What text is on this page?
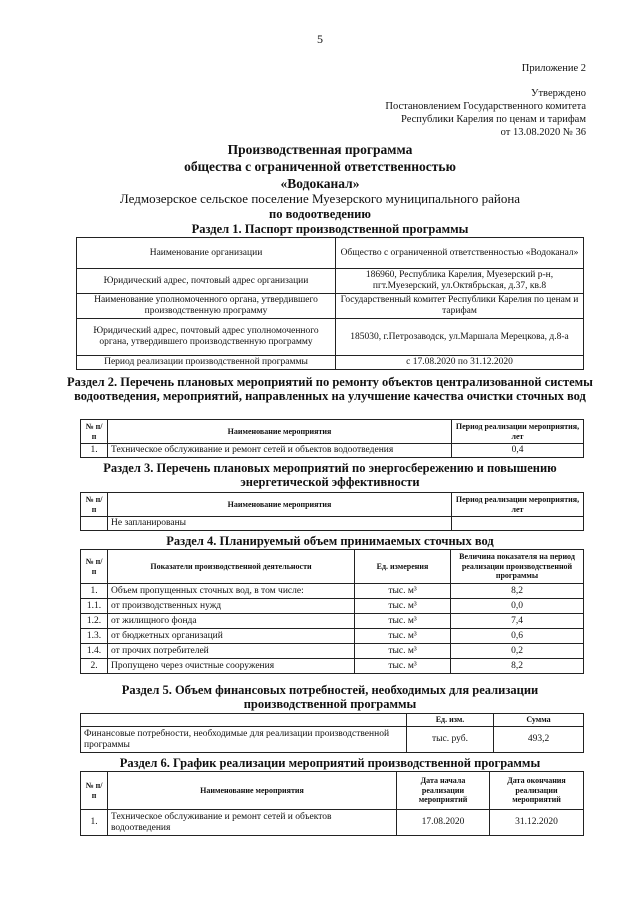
5
Приложение 2
Утверждено
Постановлением Государственного комитета
Республики Карелия по ценам и тарифам
от 13.08.2020 № 36
Производственная программа
общества с ограниченной ответственностью
«Водоканал»
Ледмозерское сельское поселение Муезерского муниципального района
по водоотведению
Раздел 1. Паспорт производственной программы
Наименование организации	Общество с ограниченной ответственностью «Водоканал»
Юридический адрес, почтовый адрес организации	186960, Республика Карелия, Муезерский р-н, пгт.Муезерский, ул.Октябрьская, д.37, кв.8
Наименование уполномоченного органа, утвердившего производственную программу	Государственный комитет Республики Карелия по ценам и тарифам
Юридический адрес, почтовый адрес уполномоченного органа, утвердившего производственную программу	185030, г.Петрозаводск, ул.Маршала Мерецкова, д.8-а
Период реализации производственной программы	с 17.08.2020 по 31.12.2020
Раздел 2. Перечень плановых мероприятий по ремонту объектов централизованной системы водоотведения, мероприятий, направленных на улучшение качества очистки сточных вод
№ п/п	Наименование мероприятия	Период реализации мероприятия, лет
1.	Техническое обслуживание и ремонт сетей и объектов водоотведения	0,4
Раздел 3. Перечень плановых мероприятий по энергосбережению и повышению энергетической эффективности
№ п/п	Наименование мероприятия	Период реализации мероприятия, лет
	Не запланированы	
Раздел 4. Планируемый объем принимаемых сточных вод
№ п/п	Показатели производственной деятельности	Ед. измерения	Величина показателя на период реализации производственной программы
1.	Объем пропущенных сточных вод, в том числе:	тыс. м³	8,2
1.1.	от производственных нужд	тыс. м³	0,0
1.2.	от жилищного фонда	тыс. м³	7,4
1.3.	от бюджетных организаций	тыс. м³	0,6
1.4.	от прочих потребителей	тыс. м³	0,2
2.	Пропущено через очистные сооружения	тыс. м³	8,2
Раздел 5. Объем финансовых потребностей, необходимых для реализации производственной программы
	Ед. изм.	Сумма
Финансовые потребности, необходимые для реализации производственной программы	тыс. руб.	493,2
Раздел 6. График реализации мероприятий производственной программы
№ п/п	Наименование мероприятия	Дата начала реализации мероприятий	Дата окончания реализации мероприятий
1.	Техническое обслуживание и ремонт сетей и объектов водоотведения	17.08.2020	31.12.2020
